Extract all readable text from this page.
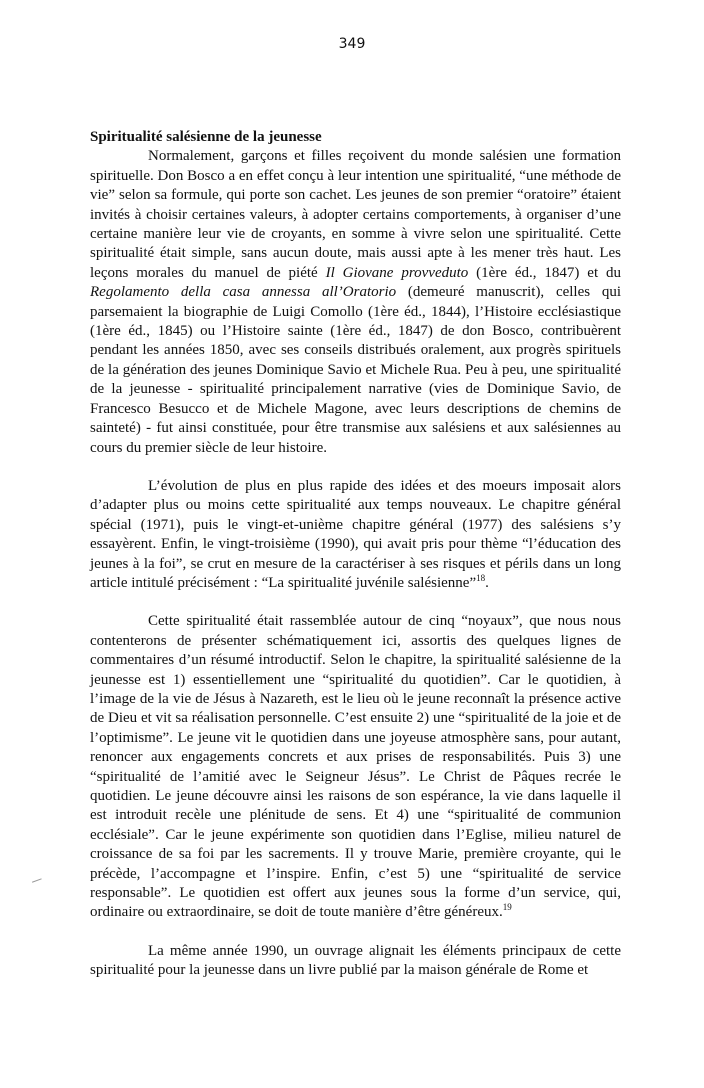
349
Spiritualité salésienne de la jeunesse

Normalement, garçons et filles reçoivent du monde salésien une formation spirituelle. Don Bosco a en effet conçu à leur intention une spiritualité, “une méthode de vie” selon sa formule, qui porte son cachet. Les jeunes de son premier “oratoire” étaient invités à choisir certaines valeurs, à adopter certains comportements, à organiser d’une certaine manière leur vie de croyants, en somme à vivre selon une spiritualité. Cette spiritualité était simple, sans aucun doute, mais aussi apte à les mener très haut. Les leçons morales du manuel de piété Il Giovane provveduto (1ère éd., 1847) et du Regolamento della casa annessa all’Oratorio (demeuré manuscrit), celles qui parsemaient la biographie de Luigi Comollo (1ère éd., 1844), l’Histoire ecclésiastique (1ère éd., 1845) ou l’Histoire sainte (1ère éd., 1847) de don Bosco, contribuèrent pendant les années 1850, avec ses conseils distribués oralement, aux progrès spirituels de la génération des jeunes Dominique Savio et Michele Rua. Peu à peu, une spiritualité de la jeunesse - spiritualité principalement narrative (vies de Dominique Savio, de Francesco Besucco et de Michele Magone, avec leurs descriptions de chemins de sainteté) - fut ainsi constituée, pour être transmise aux salésiens et aux salésiennes au cours du premier siècle de leur histoire.

L’évolution de plus en plus rapide des idées et des moeurs imposait alors d’adapter plus ou moins cette spiritualité aux temps nouveaux. Le chapitre général spécial (1971), puis le vingt-et-unième chapitre général (1977) des salésiens s’y essayèrent. Enfin, le vingt-troisième (1990), qui avait pris pour thème “l’éducation des jeunes à la foi”, se crut en mesure de la caractériser à ses risques et périls dans un long article intitulé précisément : “La spiritualité juvénile salésienne”$^{18}$.

Cette spiritualité était rassemblée autour de cinq “noyaux”, que nous nous contenterons de présenter schématiquement ici, assortis des quelques lignes de commentaires d’un résumé introductif. Selon le chapitre, la spiritualité salésienne de la jeunesse est 1) essentiellement une “spiritualité du quotidien”. Car le quotidien, à l’image de la vie de Jésus à Nazareth, est le lieu où le jeune reconnaît la présence active de Dieu et vit sa réalisation personnelle. C’est ensuite 2) une “spiritualité de la joie et de l’optimisme”. Le jeune vit le quotidien dans une joyeuse atmosphère sans, pour autant, renoncer aux engagements concrets et aux prises de responsabilités. Puis 3) une “spiritualité de l’amitié avec le Seigneur Jésus”. Le Christ de Pâques recrée le quotidien. Le jeune découvre ainsi les raisons de son espérance, la vie dans laquelle il est introduit recèle une plénitude de sens. Et 4) une “spiritualité de communion ecclésiale”. Car le jeune expérimente son quotidien dans l’Eglise, milieu naturel de croissance de sa foi par les sacrements. Il y trouve Marie, première croyante, qui le précède, l’accompagne et l’inspire. Enfin, c’est 5) une “spiritualité de service responsable”. Le quotidien est offert aux jeunes sous la forme d’un service, qui, ordinaire ou extraordinaire, se doit de toute manière d’être généreux.$^{19}$

La même année 1990, un ouvrage alignait les éléments principaux de cette spiritualité pour la jeunesse dans un livre publié par la maison générale de Rome et
